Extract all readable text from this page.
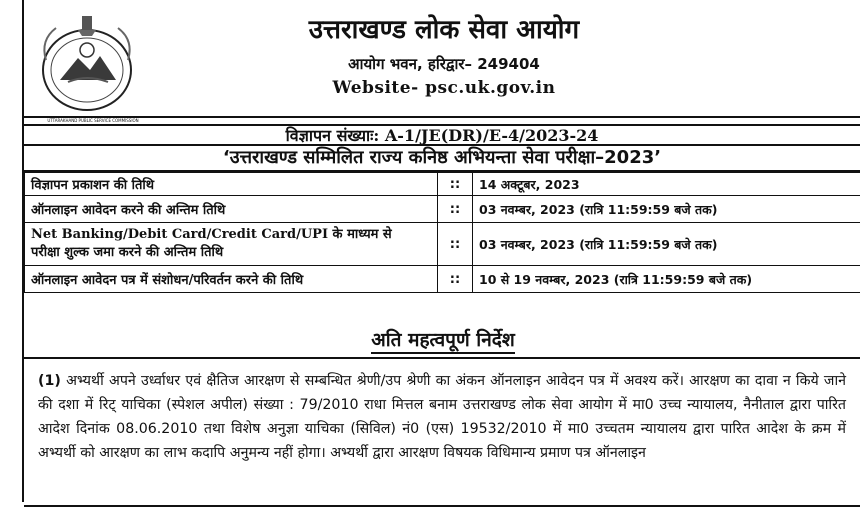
UTTARAKHAND PUBLIC SERVICE COMMISSION
उत्तराखण्ड लोक सेवा आयोग
आयोग भवन, हरिद्वार– 249404
Website- psc.uk.gov.in
विज्ञापन संख्याः: A-1/JE(DR)/E-4/2023-24
‘उत्तराखण्ड सम्मिलित राज्य कनिष्ठ अभियन्ता सेवा परीक्षा–2023’
विज्ञापन प्रकाशन की तिथि	::	14 अक्टूबर, 2023
ऑनलाइन आवेदन करने की अन्तिम तिथि	::	03 नवम्बर, 2023 (रात्रि 11:59:59 बजे तक)
Net Banking/Debit Card/Credit Card/UPI के माध्यम से
परीक्षा शुल्क जमा करने की अन्तिम तिथि	::	03 नवम्बर, 2023 (रात्रि 11:59:59 बजे तक)
ऑनलाइन आवेदन पत्र में संशोधन/परिवर्तन करने की तिथि	::	10 से 19 नवम्बर, 2023 (रात्रि 11:59:59 बजे तक)
अति महत्वपूर्ण निर्देश
(1) अभ्यर्थी अपने उर्ध्वाधर एवं क्षैतिज आरक्षण से सम्बन्धित श्रेणी/उप श्रेणी का अंकन ऑनलाइन आवेदन पत्र में अवश्य करें। आरक्षण का दावा न किये जाने की दशा में रिट् याचिका (स्पेशल अपील) संख्या : 79/2010 राधा मित्तल बनाम उत्तराखण्ड लोक सेवा आयोग में मा0 उच्च न्यायालय, नैनीताल द्वारा पारित आदेश दिनांक 08.06.2010 तथा विशेष अनुज्ञा याचिका (सिविल) नं0 (एस) 19532/2010 में मा0 उच्चतम न्यायालय द्वारा पारित आदेश के क्रम में अभ्यर्थी को आरक्षण का लाभ कदापि अनुमन्य नहीं होगा। अभ्यर्थी द्वारा आरक्षण विषयक विधिमान्य प्रमाण पत्र ऑनलाइन
